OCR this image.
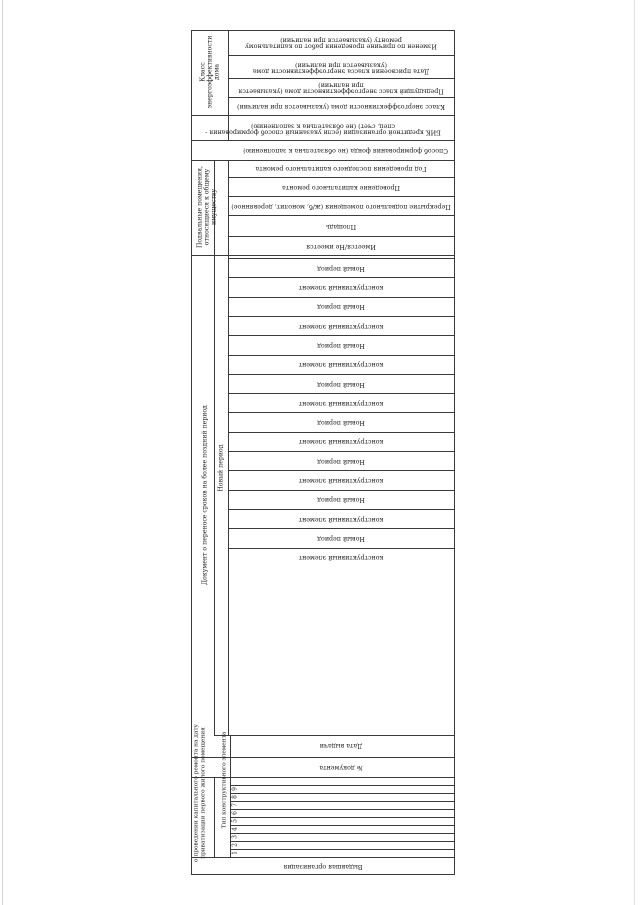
Класс энергоэффективности дома
Изменен по причине проведения работ по капитальному ремонту (указывается при наличии)
Дата присвоения класса энергоэффективности дома (указывается при наличии)
Предыдущий класс энергоэффективности дома (указывается при наличии)
Класс энергоэффективности дома (указывается при наличии)
БИК кредитной организации (если указанный способ формирования - спец. счет) (не обязательна к заполнению)
Способ формирования фонда (не обязательна к заполнению)
Подвальные помещения, относящиеся к общему имуществу
Год проведения последнего капитального ремонта
Проведение капитального ремонта
Перекрытие подвального помещения (ж/б, монолит, деревянное)
Площадь
Имеется/Не имеется
Документ о переносе сроков на более поздний период Новый период
Новый период
конструктивный элемент
Новый период
конструктивный элемент
Новый период
конструктивный элемент
Новый период
конструктивный элемент
Новый период
конструктивный элемент
Новый период
конструктивный элемент
Новый период
конструктивный элемент
Новый период
конструктивный элемент
Дата выдачи
№ документа
о проведении капитального ремонта на дату приватизации первого жилого помещения	Тип конструктивного элемента 9
8
7
6
5
4
3
2
1
Выдавшая организация
